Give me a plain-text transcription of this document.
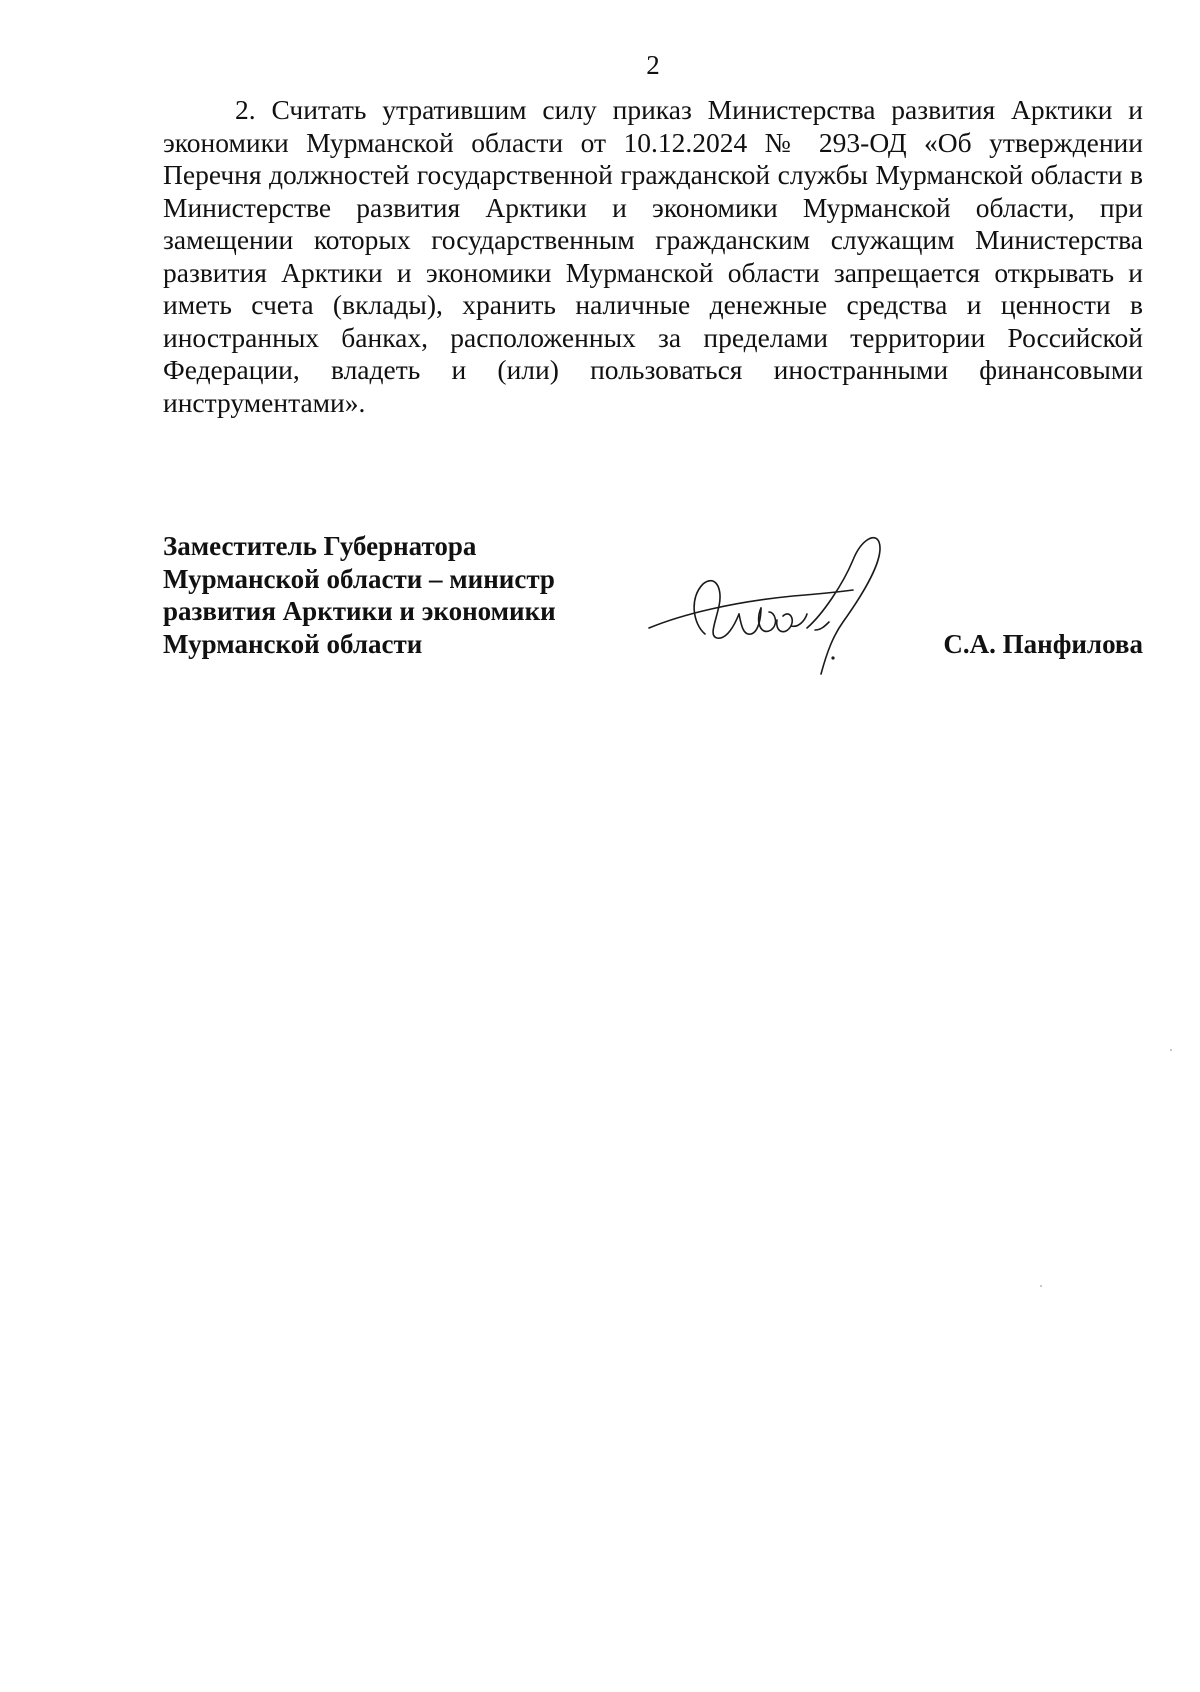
2

2. Считать утратившим силу приказ Министерства развития Арктики и экономики Мурманской области от 10.12.2024 № 293-ОД «Об утверждении Перечня должностей государственной гражданской службы Мурманской области в Министерстве развития Арктики и экономики Мурманской области, при замещении которых государственным гражданским служащим Министерства развития Арктики и экономики Мурманской области запрещается открывать и иметь счета (вклады), хранить наличные денежные средства и ценности в иностранных банках, расположенных за пределами территории Российской Федерации, владеть и (или) пользоваться иностранными финансовыми инструментами».

Заместитель Губернатора
Мурманской области – министр
развития Арктики и экономики
Мурманской области	С.А. Панфилова
